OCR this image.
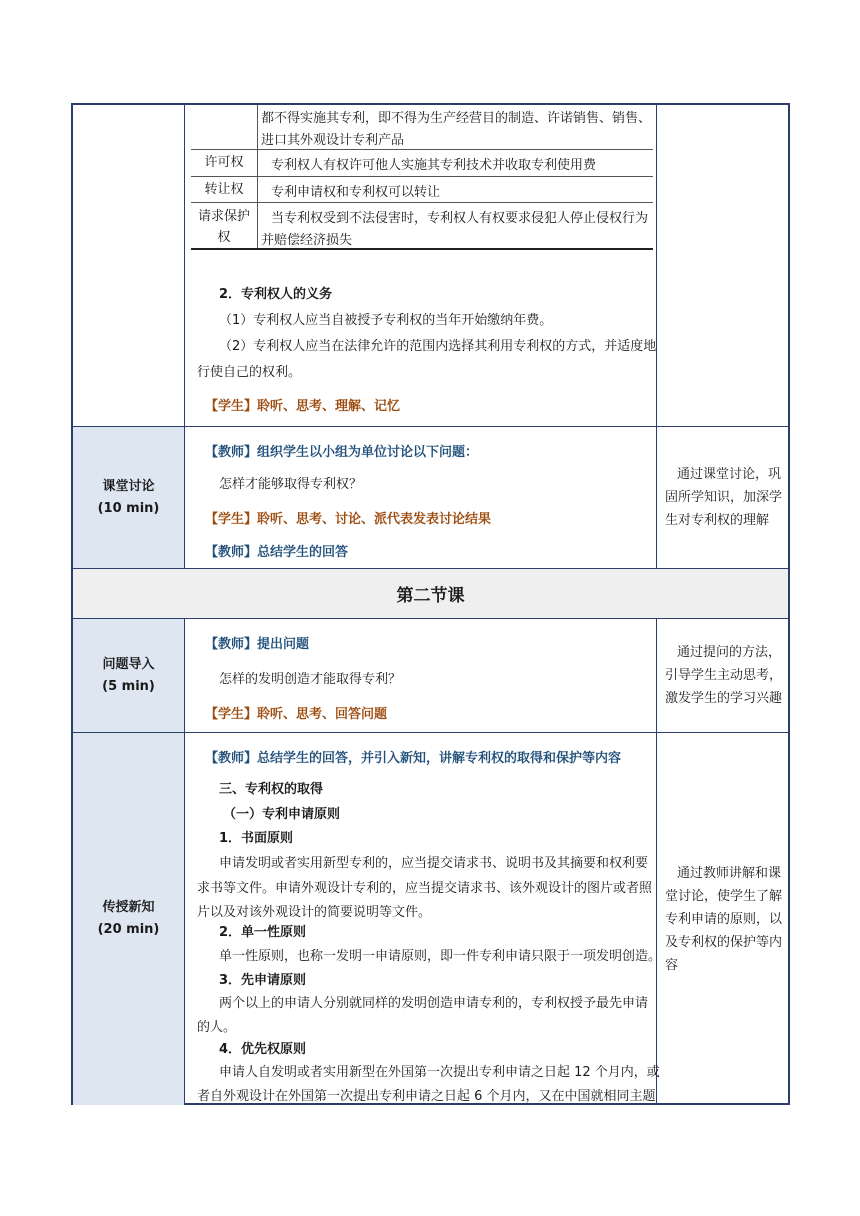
都不得实施其专利，即不得为生产经营目的制造、许诺销售、销售、
进口其外观设计专利产品
许可权	专利权人有权许可他人实施其专利技术并收取专利使用费
转让权	专利申请权和专利权可以转让
请求保护
权
当专利权受到不法侵害时，专利权人有权要求侵犯人停止侵权行为
并赔偿经济损失
2．专利权人的义务
（1）专利权人应当自被授予专利权的当年开始缴纳年费。
（2）专利权人应当在法律允许的范围内选择其利用专利权的方式，并适度地
行使自己的权利。
【学生】聆听、思考、理解、记忆
课堂讨论
(10 min)
【教师】组织学生以小组为单位讨论以下问题：
怎样才能够取得专利权？
【学生】聆听、思考、讨论、派代表发表讨论结果
【教师】总结学生的回答
通过课堂讨论，巩
固所学知识，加深学
生对专利权的理解
第二节课
问题导入
(5 min)
【教师】提出问题
怎样的发明创造才能取得专利？
【学生】聆听、思考、回答问题
通过提问的方法，
引导学生主动思考，
激发学生的学习兴趣
传授新知
(20 min)
【教师】总结学生的回答，并引入新知，讲解专利权的取得和保护等内容
三、专利权的取得
（一）专利申请原则
1．书面原则
申请发明或者实用新型专利的，应当提交请求书、说明书及其摘要和权利要
求书等文件。申请外观设计专利的，应当提交请求书、该外观设计的图片或者照
片以及对该外观设计的简要说明等文件。
2．单一性原则
单一性原则，也称一发明一申请原则，即一件专利申请只限于一项发明创造。
3．先申请原则
两个以上的申请人分别就同样的发明创造申请专利的，专利权授予最先申请
的人。
4．优先权原则
申请人自发明或者实用新型在外国第一次提出专利申请之日起 12 个月内，或
者自外观设计在外国第一次提出专利申请之日起 6 个月内，又在中国就相同主题
通过教师讲解和课
堂讨论，使学生了解
专利申请的原则，以
及专利权的保护等内
容
